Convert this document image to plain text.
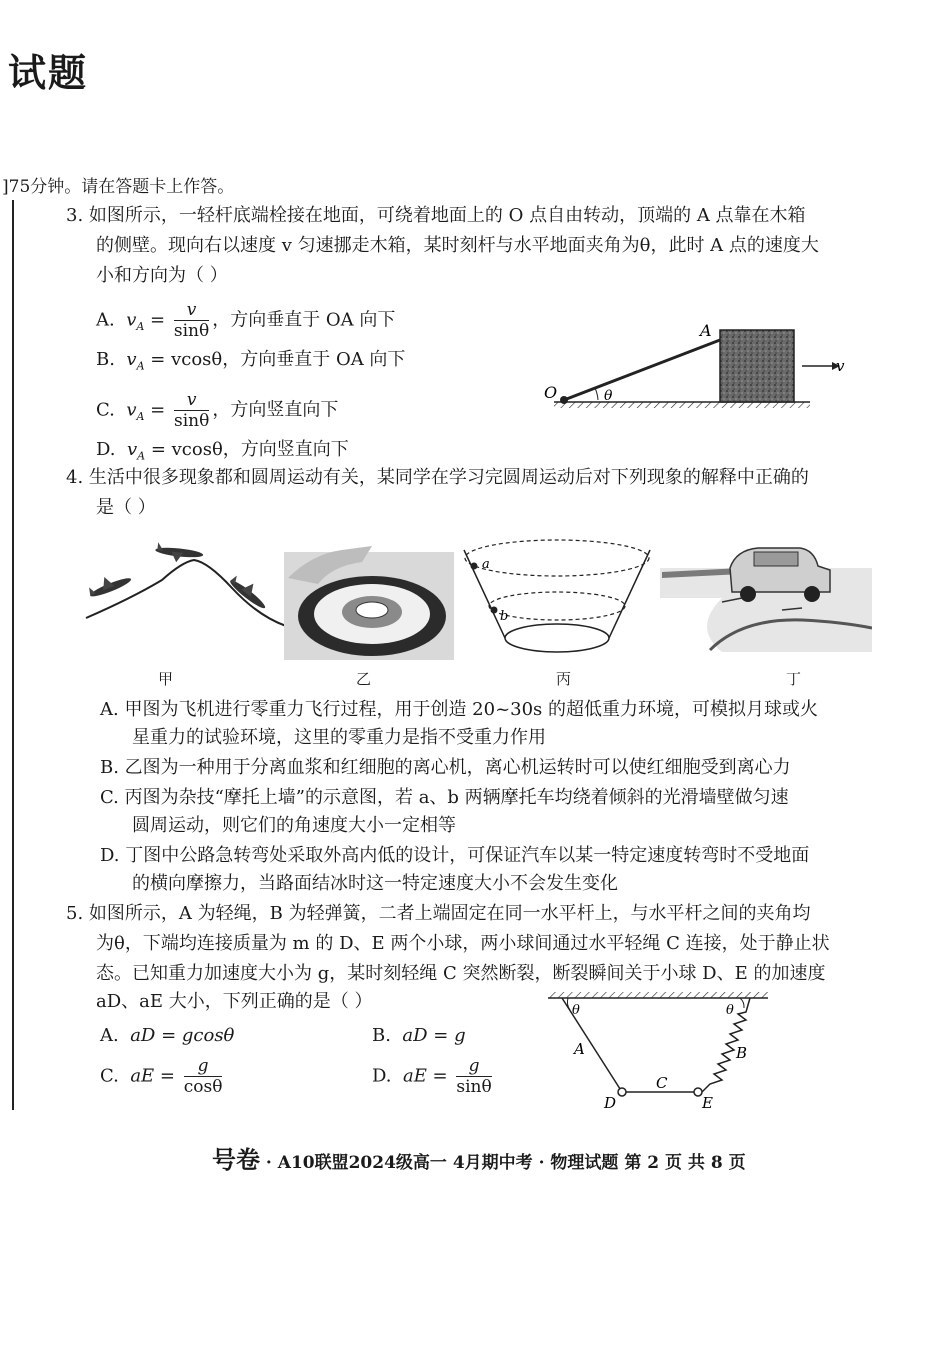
试题
]75分钟。请在答题卡上作答。
3. 如图所示，一轻杆底端栓接在地面，可绕着地面上的 O 点自由转动，顶端的 A 点靠在木箱
的侧壁。现向右以速度 v 匀速挪走木箱，某时刻杆与水平地面夹角为θ，此时 A 点的速度大
小和方向为（ ）
A. $v_A = \frac{v}{\sin\theta}$ ，方向垂直于 OA 向下
B. $v_A = vcos\theta$，方向垂直于 OA 向下
C. $v_A = \frac{v}{\sin\theta}$ ，方向竖直向下
D. $v_A = vcos\theta$，方向竖直向下
A
O	θ
v
4. 生活中很多现象都和圆周运动有关，某同学在学习完圆周运动后对下列现象的解释中正确的
是（ ）
a
b
甲	乙	丙	丁
A. 甲图为飞机进行零重力飞行过程，用于创造 20~30s 的超低重力环境，可模拟月球或火
星重力的试验环境，这里的零重力是指不受重力作用
B. 乙图为一种用于分离血浆和红细胞的离心机，离心机运转时可以使红细胞受到离心力
C. 丙图为杂技“摩托上墙”的示意图，若 a、b 两辆摩托车均绕着倾斜的光滑墙壁做匀速
圆周运动，则它们的角速度大小一定相等
D. 丁图中公路急转弯处采取外高内低的设计，可保证汽车以某一特定速度转弯时不受地面
的横向摩擦力，当路面结冰时这一特定速度大小不会发生变化
5. 如图所示，A 为轻绳，B 为轻弹簧，二者上端固定在同一水平杆上，与水平杆之间的夹角均
为θ，下端均连接质量为 m 的 D、E 两个小球，两小球间通过水平轻绳 C 连接，处于静止状
态。已知重力加速度大小为 g，某时刻轻绳 C 突然断裂，断裂瞬间关于小球 D、E 的加速度
aD、aE 大小，下列正确的是（ ）
A. aD = gcosθ	B. aD = g
C. aE = $\frac{g}{\cos\theta}$	D. aE = $\frac{g}{\sin\theta}$
θ	θ
A	B
C
D	E
号卷 · A10联盟2024级高一 4月期中考 · 物理试题 第 2 页 共 8 页
